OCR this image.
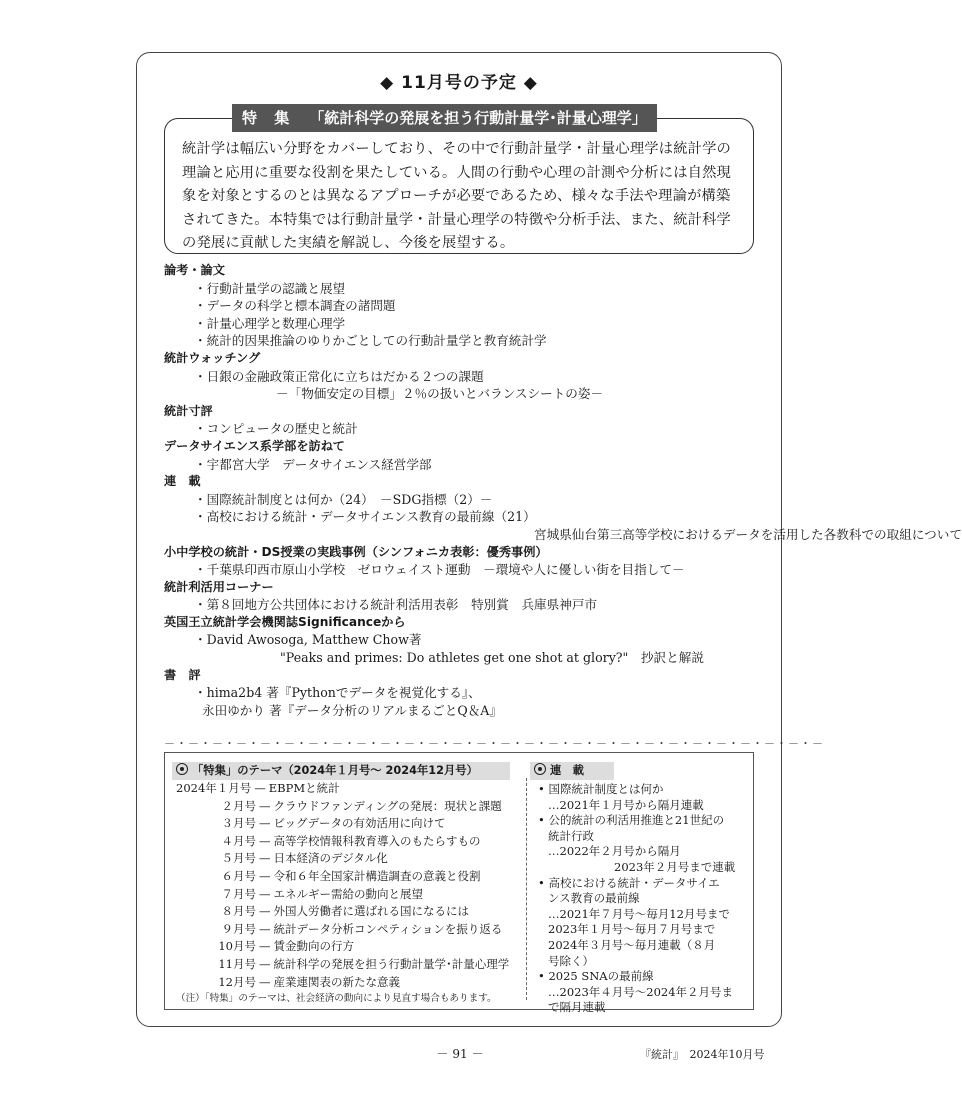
◆ 11月号の予定 ◆
特 集 「統計科学の発展を担う行動計量学･計量心理学」

統計学は幅広い分野をカバーしており、その中で行動計量学・計量心理学は統計学の理論と応用に重要な役割を果たしている。人間の行動や心理の計測や分析には自然現象を対象とするのとは異なるアプローチが必要であるため、様々な手法や理論が構築されてきた。本特集では行動計量学・計量心理学の特徴や分析手法、また、統計科学の発展に貢献した実績を解説し、今後を展望する。

論考・論文
・行動計量学の認識と展望
・データの科学と標本調査の諸問題
・計量心理学と数理心理学
・統計的因果推論のゆりかごとしての行動計量学と教育統計学
統計ウォッチング
・日銀の金融政策正常化に立ちはだかる２つの課題
－「物価安定の目標」２％の扱いとバランスシートの姿－
統計寸評
・コンピュータの歴史と統計
データサイエンス系学部を訪ねて
・宇都宮大学　データサイエンス経営学部
連　載
・国際統計制度とは何か（24）　－SDG指標（2）－
・高校における統計・データサイエンス教育の最前線（21）
宮城県仙台第三高等学校におけるデータを活用した各教科での取組について
小中学校の統計・DS授業の実践事例（シンフォニカ表彰：優秀事例）
・千葉県印西市原山小学校　ゼロウェイスト運動　－環境や人に優しい街を目指して－
統計利活用コーナー
・第８回地方公共団体における統計利活用表彰　特別賞　兵庫県神戸市
英国王立統計学会機関誌Significanceから
・David Awosoga, Matthew Chow著
"Peaks and primes: Do athletes get one shot at glory?"　抄訳と解説
書　評
・hima2b4 著『Pythonでデータを視覚化する』、
永田ゆかり 著『データ分析のリアルまるごとQ＆A』
－・－・－・－・－・－・－・－・－・－・－・－・－・－・－・－・－・－・－・－・－・－・－・－・－・－・－・－
「特集」のテーマ（2024年１月号～ 2024年12月号）
2024年１月号 — EBPMと統計
２月号 — クラウドファンディングの発展：現状と課題
３月号 — ビッグデータの有効活用に向けて
４月号 — 高等学校情報科教育導入のもたらすもの
５月号 — 日本経済のデジタル化
６月号 — 令和６年全国家計構造調査の意義と役割
７月号 — エネルギー需給の動向と展望
８月号 — 外国人労働者に選ばれる国になるには
９月号 — 統計データ分析コンペティションを振り返る
10月号 — 賃金動向の行方
11月号 — 統計科学の発展を担う行動計量学･計量心理学
12月号 — 産業連関表の新たな意義
（注）「特集」のテーマは、社会経済の動向により見直す場合もあります。
連　載
• 国際統計制度とは何か
…2021年１月号から隔月連載
• 公的統計の利活用推進と21世紀の
統計行政
…2022年２月号から隔月
2023年２月号まで連載
• 高校における統計・データサイエ
ンス教育の最前線
…2021年７月号～毎月12月号まで
2023年１月号～毎月７月号まで
2024年３月号～毎月連載（８月
号除く）
• 2025 SNAの最前線
…2023年４月号～2024年２月号ま
で隔月連載
－ 91 －	『統計』　2024年10月号
